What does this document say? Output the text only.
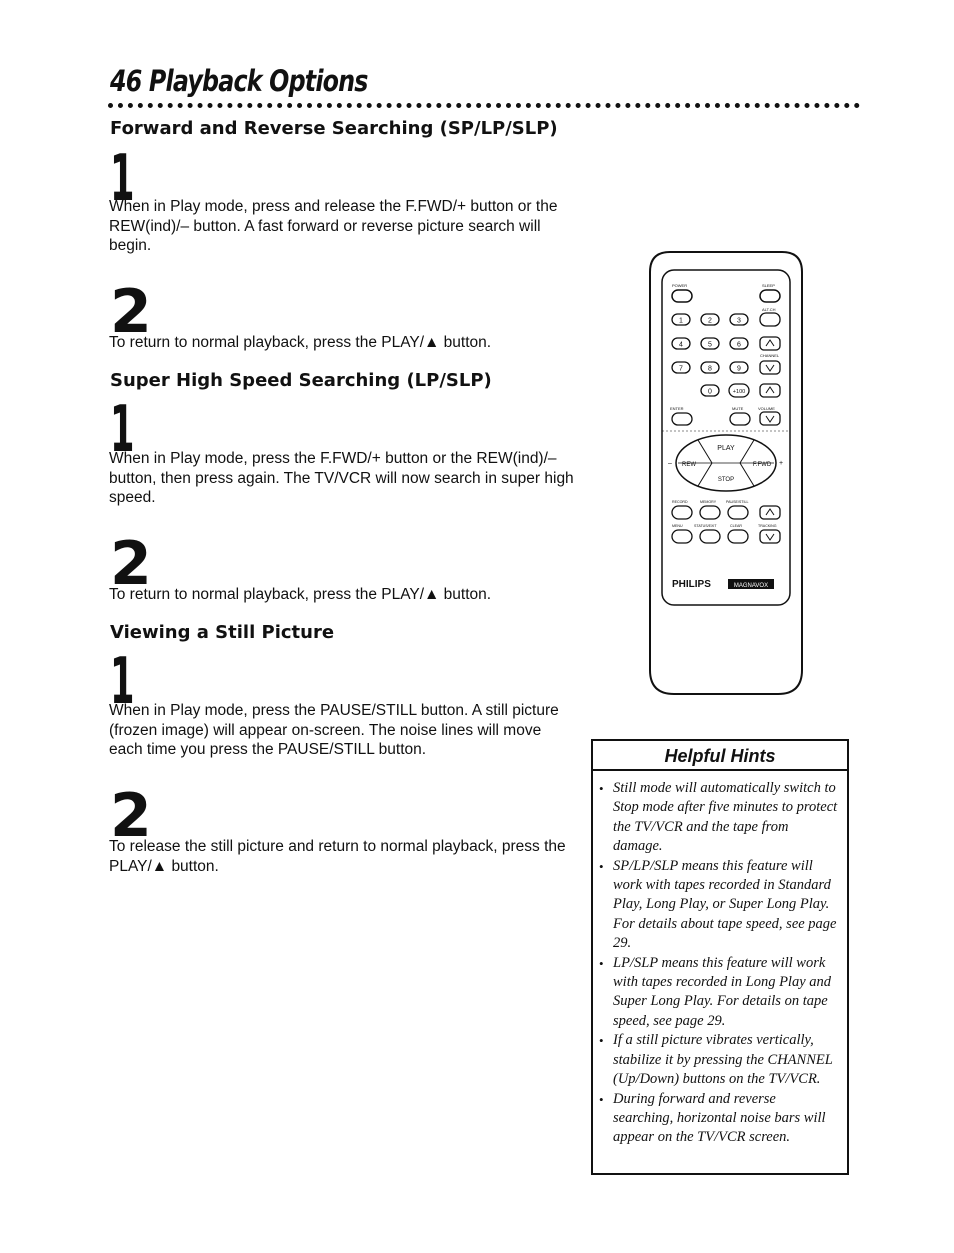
46 Playback Options
Forward and Reverse Searching (SP/LP/SLP)
1

When in Play mode, press and release the F.FWD/+ button or the REW(ind)/– button. A fast forward or reverse picture search will begin.

2

To return to normal playback, press the PLAY/▲ button.

Super High Speed Searching (LP/SLP)
1

When in Play mode, press the F.FWD/+ button or the REW(ind)/– button, then press again. The TV/VCR will now search in super high speed.

2

To return to normal playback, press the PLAY/▲ button.

Viewing a Still Picture
1

When in Play mode, press the PAUSE/STILL button. A still picture (frozen image) will appear on-screen. The noise lines will move each time you press the PAUSE/STILL button.

2

To release the still picture and return to normal playback, press the PLAY/▲ button.

POWER	SLEEP
1	2	3
ALT.CH
4	5	6
CHANNEL
7	8	9
0	+100
ENTER	MUTE	VOLUME
PLAY
REW	F.FWD
STOP
–	+
RECORD	MEMORY	PAUSE/STILL
MENU	STATUS/EXIT	CLEAR	TRACKING
PHILIPS	MAGNAVOX
Helpful Hints
• Still mode will automatically switch to Stop mode after five minutes to protect the TV/VCR and the tape from damage.
• SP/LP/SLP means this feature will work with tapes recorded in Standard Play, Long Play, or Super Long Play. For details about tape speed, see page 29.
• LP/SLP means this feature will work with tapes recorded in Long Play and Super Long Play. For details on tape speed, see page 29.
• If a still picture vibrates vertically, stabilize it by pressing the CHANNEL (Up/Down) buttons on the TV/VCR.
• During forward and reverse searching, horizontal noise bars will appear on the TV/VCR screen.
